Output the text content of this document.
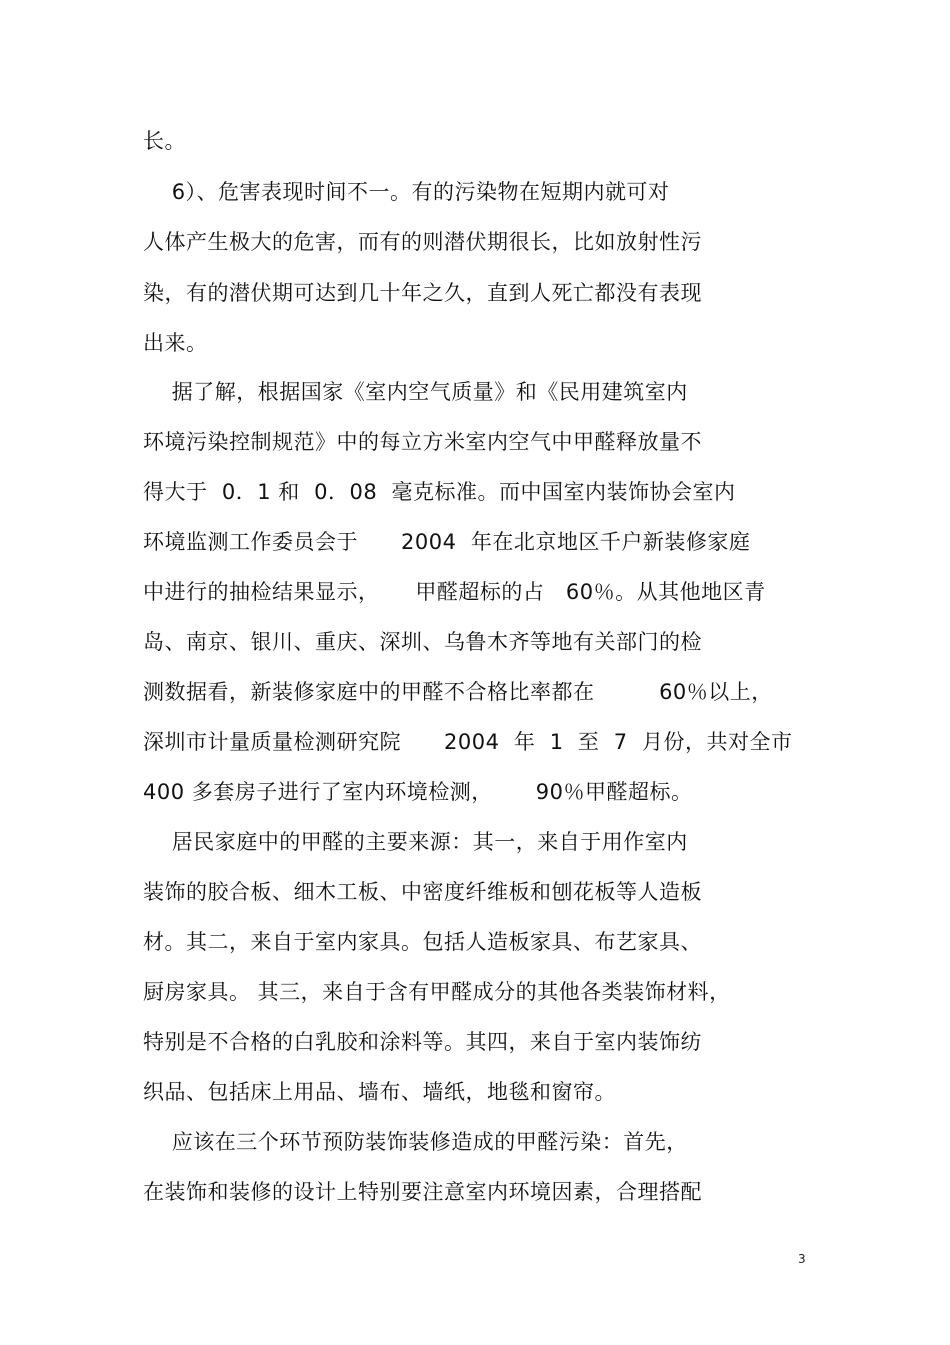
长。
6）、危害表现时间不一。有的污染物在短期内就可对
人体产生极大的危害，而有的则潜伏期很长，比如放射性污
染，有的潜伏期可达到几十年之久，直到人死亡都没有表现
出来。
据了解，根据国家《室内空气质量》和《民用建筑室内
环境污染控制规范》中的每立方米室内空气中甲醛释放量不
得大于  0．1 和  0．08  毫克标准。而中国室内装饰协会室内
环境监测工作委员会于      2004  年在北京地区千户新装修家庭
中进行的抽检结果显示，     甲醛超标的占   60％。从其他地区青
岛、南京、银川、重庆、深圳、乌鲁木齐等地有关部门的检
测数据看，新装修家庭中的甲醛不合格比率都在         60％以上，
深圳市计量质量检测研究院      2004  年  1  至  7  月份，共对全市
400 多套房子进行了室内环境检测，      90％甲醛超标。
居民家庭中的甲醛的主要来源：其一，来自于用作室内
装饰的胶合板、细木工板、中密度纤维板和刨花板等人造板
材。其二，来自于室内家具。包括人造板家具、布艺家具、
厨房家具。 其三，来自于含有甲醛成分的其他各类装饰材料，
特别是不合格的白乳胶和涂料等。其四，来自于室内装饰纺
织品、包括床上用品、墙布、墙纸，地毯和窗帘。
应该在三个环节预防装饰装修造成的甲醛污染：首先，
在装饰和装修的设计上特别要注意室内环境因素，合理搭配
3
